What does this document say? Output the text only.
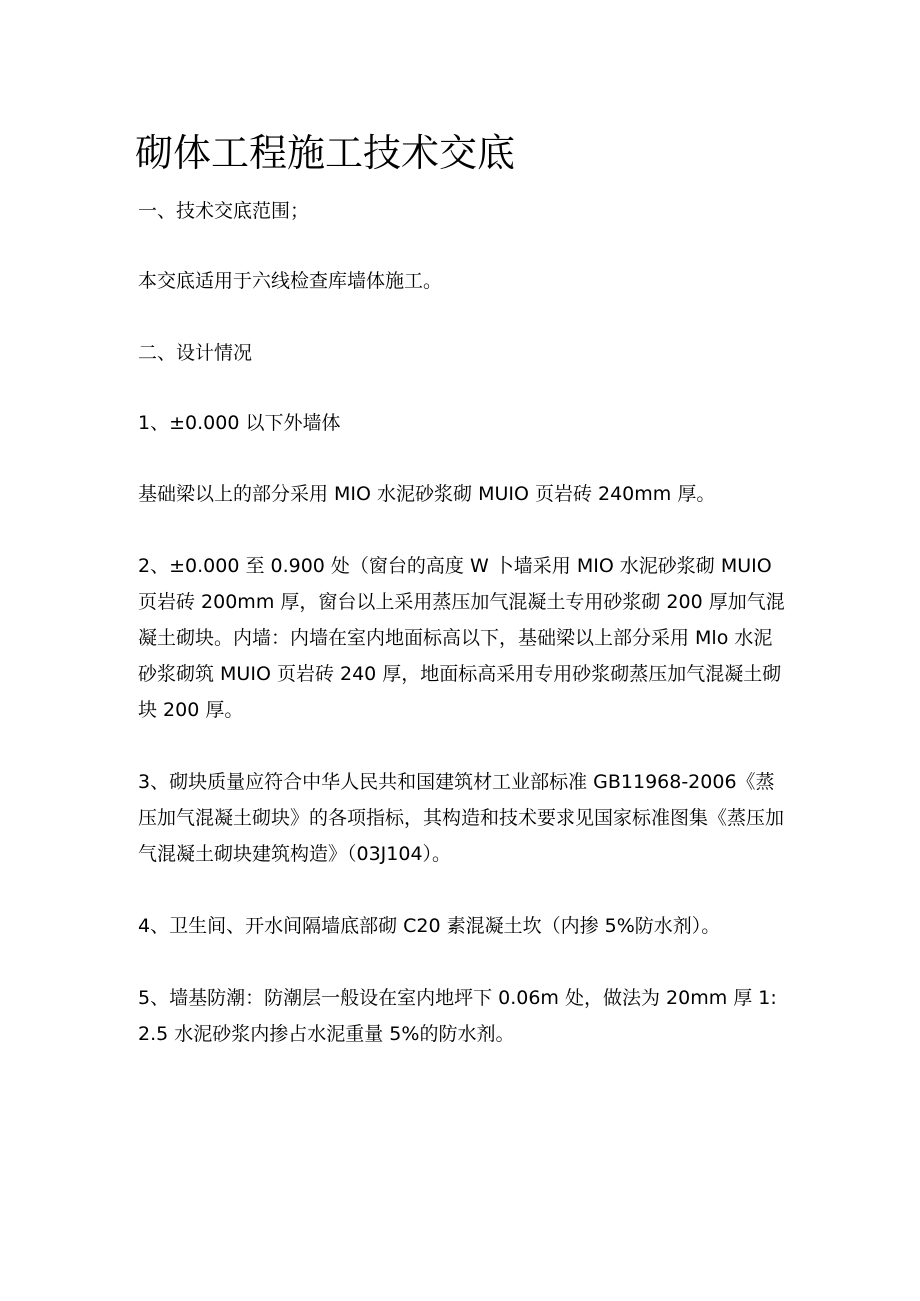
砌体工程施工技术交底

一、技术交底范围；

本交底适用于六线检查库墙体施工。

二、设计情况

1、±0.000 以下外墙体

基础梁以上的部分采用 MIO 水泥砂浆砌 MUIO 页岩砖 240mm 厚。

2、±0.000 至 0.900 处（窗台的高度 W 卜墙采用 MIO 水泥砂浆砌 MUIO 页岩砖 200mm 厚，窗台以上采用蒸压加气混凝土专用砂浆砌 200 厚加气混凝土砌块。内墙：内墙在室内地面标高以下，基础梁以上部分采用 Mlo 水泥砂浆砌筑 MUIO 页岩砖 240 厚，地面标高采用专用砂浆砌蒸压加气混凝土砌块 200 厚。

3、砌块质量应符合中华人民共和国建筑材工业部标准 GB11968-2006《蒸压加气混凝土砌块》的各项指标，其构造和技术要求见国家标准图集《蒸压加气混凝土砌块建筑构造》（03J104）。

4、卫生间、开水间隔墙底部砌 C20 素混凝土坎（内掺 5%防水剂）。

5、墙基防潮：防潮层一般设在室内地坪下 0.06m 处，做法为 20mm 厚 1:2.5 水泥砂浆内掺占水泥重量 5%的防水剂。
